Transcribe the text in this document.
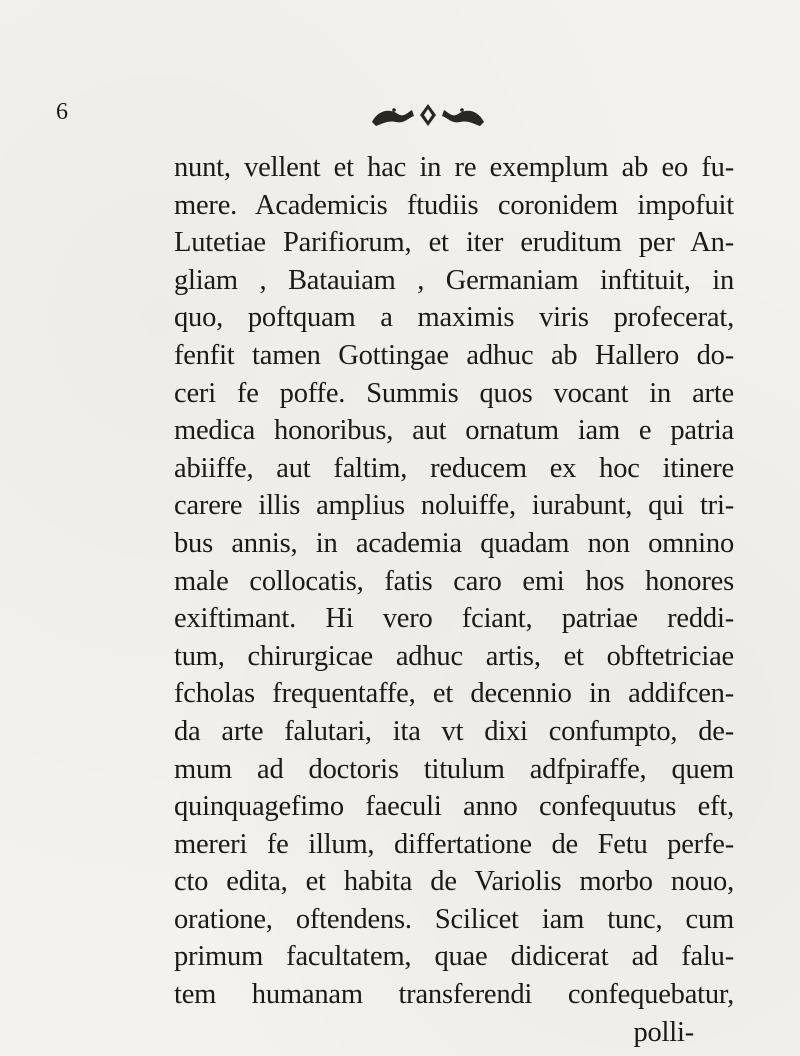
6
nunt, vellent et hac in re exemplum ab eo fu-
mere. Academicis ftudiis coronidem impofuit
Lutetiae Parifiorum, et iter eruditum per An-
gliam , Batauiam , Germaniam inftituit, in
quo, poftquam a maximis viris profecerat,
fenfit tamen Gottingae adhuc ab Hallero do-
ceri fe poffe. Summis quos vocant in arte
medica honoribus, aut ornatum iam e patria
abiiffe, aut faltim, reducem ex hoc itinere
carere illis amplius noluiffe, iurabunt, qui tri-
bus annis, in academia quadam non omnino
male collocatis, fatis caro emi hos honores
exiftimant. Hi vero fciant, patriae reddi-
tum, chirurgicae adhuc artis, et obftetriciae
fcholas frequentaffe, et decennio in addifcen-
da arte falutari, ita vt dixi confumpto, de-
mum ad doctoris titulum adfpiraffe, quem
quinquagefimo faeculi anno confequutus eft,
mereri fe illum, differtatione de Fetu perfe-
cto edita, et habita de Variolis morbo nouo,
oratione, oftendens. Scilicet iam tunc, cum
primum facultatem, quae didicerat ad falu-
tem humanam transferendi confequebatur,
polli-
